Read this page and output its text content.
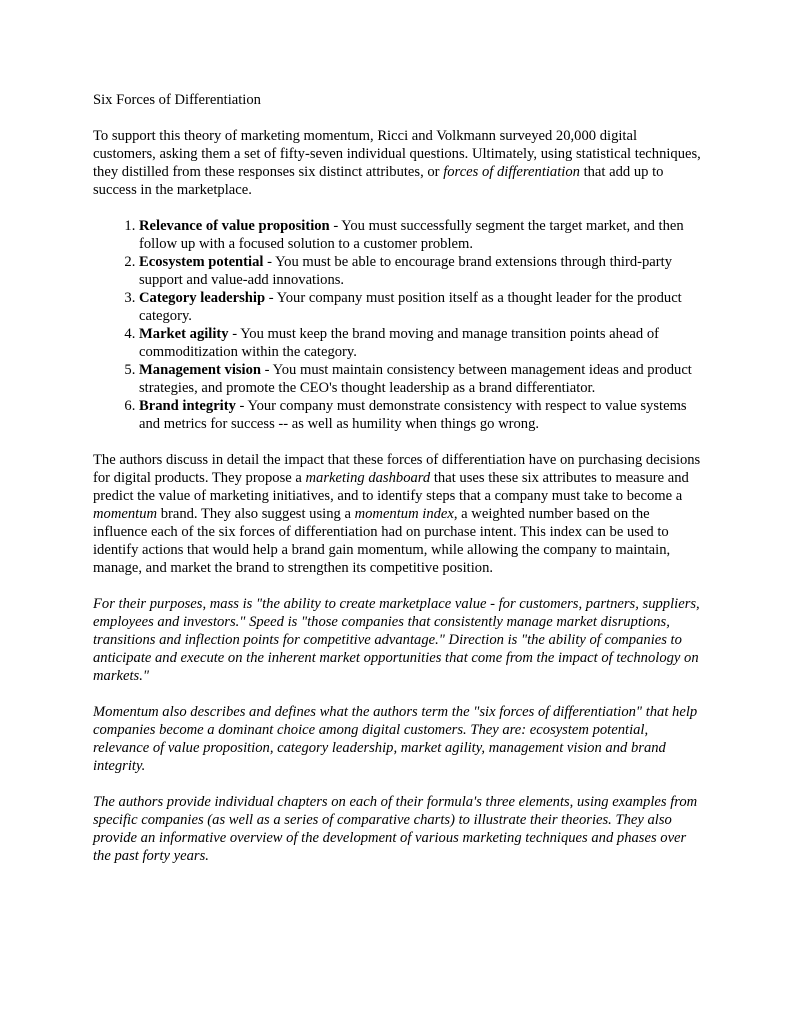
Six Forces of Differentiation

To support this theory of marketing momentum, Ricci and Volkmann surveyed 20,000 digital customers, asking them a set of fifty-seven individual questions. Ultimately, using statistical techniques, they distilled from these responses six distinct attributes, or forces of differentiation that add up to success in the marketplace.

1. Relevance of value proposition - You must successfully segment the target market, and then follow up with a focused solution to a customer problem.
2. Ecosystem potential - You must be able to encourage brand extensions through third-party support and value-add innovations.
3. Category leadership - Your company must position itself as a thought leader for the product category.
4. Market agility - You must keep the brand moving and manage transition points ahead of commoditization within the category.
5. Management vision - You must maintain consistency between management ideas and product strategies, and promote the CEO's thought leadership as a brand differentiator.
6. Brand integrity - Your company must demonstrate consistency with respect to value systems and metrics for success -- as well as humility when things go wrong.

The authors discuss in detail the impact that these forces of differentiation have on purchasing decisions for digital products. They propose a marketing dashboard that uses these six attributes to measure and predict the value of marketing initiatives, and to identify steps that a company must take to become a momentum brand. They also suggest using a momentum index, a weighted number based on the influence each of the six forces of differentiation had on purchase intent. This index can be used to identify actions that would help a brand gain momentum, while allowing the company to maintain, manage, and market the brand to strengthen its competitive position.

For their purposes, mass is "the ability to create marketplace value - for customers, partners, suppliers, employees and investors." Speed is "those companies that consistently manage market disruptions, transitions and inflection points for competitive advantage." Direction is "the ability of companies to anticipate and execute on the inherent market opportunities that come from the impact of technology on markets."

Momentum also describes and defines what the authors term the "six forces of differentiation" that help companies become a dominant choice among digital customers. They are: ecosystem potential, relevance of value proposition, category leadership, market agility, management vision and brand integrity.

The authors provide individual chapters on each of their formula's three elements, using examples from specific companies (as well as a series of comparative charts) to illustrate their theories. They also provide an informative overview of the development of various marketing techniques and phases over the past forty years.
